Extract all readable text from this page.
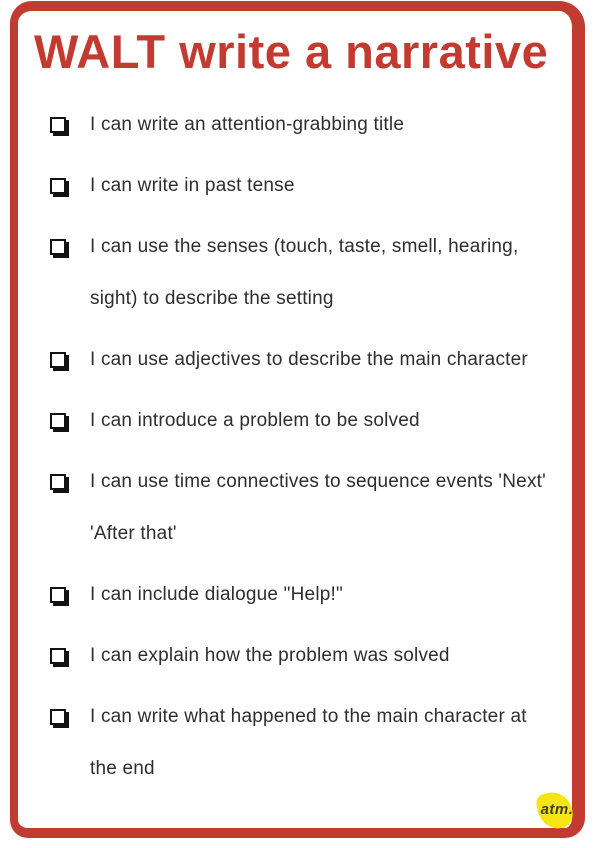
WALT write a narrative
I can write an attention-grabbing title
I can write in past tense
I can use the senses (touch, taste, smell, hearing, sight) to describe the setting
I can use adjectives to describe the main character
I can introduce a problem to be solved
I can use time connectives to sequence events 'Next' 'After that'
I can include dialogue "Help!"
I can explain how the problem was solved
I can write what happened to the main character at the end
atm.
